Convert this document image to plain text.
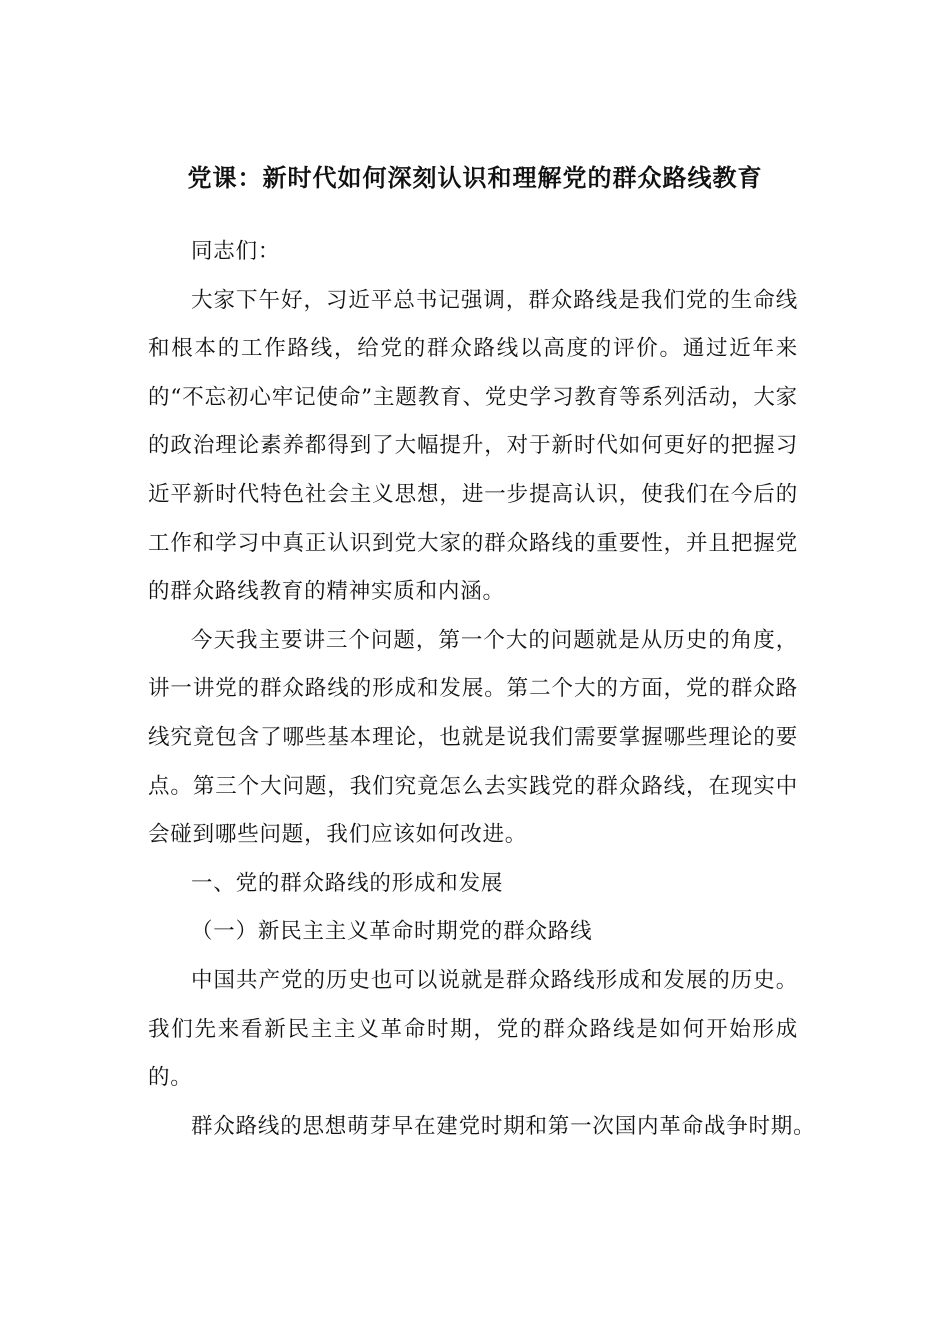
党课：新时代如何深刻认识和理解党的群众路线教育

同志们：

大家下午好，习近平总书记强调，群众路线是我们党的生命线和根本的工作路线，给党的群众路线以高度的评价。通过近年来的“不忘初心牢记使命”主题教育、党史学习教育等系列活动，大家的政治理论素养都得到了大幅提升，对于新时代如何更好的把握习近平新时代特色社会主义思想，进一步提高认识，使我们在今后的工作和学习中真正认识到党大家的群众路线的重要性，并且把握党的群众路线教育的精神实质和内涵。

今天我主要讲三个问题，第一个大的问题就是从历史的角度，讲一讲党的群众路线的形成和发展。第二个大的方面，党的群众路线究竟包含了哪些基本理论，也就是说我们需要掌握哪些理论的要点。第三个大问题，我们究竟怎么去实践党的群众路线，在现实中会碰到哪些问题，我们应该如何改进。

一、党的群众路线的形成和发展

（一）新民主主义革命时期党的群众路线

中国共产党的历史也可以说就是群众路线形成和发展的历史。我们先来看新民主主义革命时期，党的群众路线是如何开始形成的。

群众路线的思想萌芽早在建党时期和第一次国内革命战争时期。
